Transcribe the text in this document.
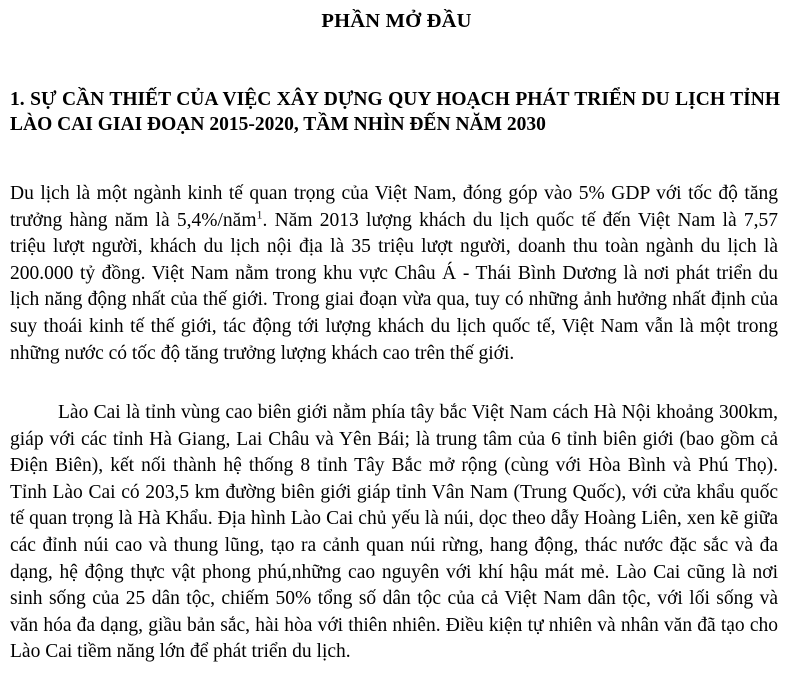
PHẦN MỞ ĐẦU
1. SỰ CẦN THIẾT CỦA VIỆC XÂY DỰNG QUY HOẠCH PHÁT TRIỂN DU LỊCH TỈNH LÀO CAI GIAI ĐOẠN 2015-2020, TẦM NHÌN ĐẾN NĂM 2030

Du lịch là một ngành kinh tế quan trọng của Việt Nam, đóng góp vào 5% GDP với tốc độ tăng trưởng hàng năm là 5,4%/năm$^1$. Năm 2013 lượng khách du lịch quốc tế đến Việt Nam là 7,57 triệu lượt người, khách du lịch nội địa là 35 triệu lượt người, doanh thu toàn ngành du lịch là 200.000 tỷ đồng. Việt Nam nằm trong khu vực Châu Á - Thái Bình Dương là nơi phát triển du lịch năng động nhất của thế giới. Trong giai đoạn vừa qua, tuy có những ảnh hưởng nhất định của suy thoái kinh tế thế giới, tác động tới lượng khách du lịch quốc tế, Việt Nam vẫn là một trong những nước có tốc độ tăng trưởng lượng khách cao trên thế giới.

Lào Cai là tỉnh vùng cao biên giới nằm phía tây bắc Việt Nam cách Hà Nội khoảng 300km, giáp với các tỉnh Hà Giang, Lai Châu và Yên Bái; là trung tâm của 6 tỉnh biên giới (bao gồm cả Điện Biên), kết nối thành hệ thống 8 tỉnh Tây Bắc mở rộng (cùng với Hòa Bình và Phú Thọ). Tỉnh Lào Cai có 203,5 km đường biên giới giáp tỉnh Vân Nam (Trung Quốc), với cửa khẩu quốc tế quan trọng là Hà Khẩu. Địa hình Lào Cai chủ yếu là núi, dọc theo dẫy Hoàng Liên, xen kẽ giữa các đỉnh núi cao và thung lũng, tạo ra cảnh quan núi rừng, hang động, thác nước đặc sắc và đa dạng, hệ động thực vật phong phú,những cao nguyên với khí hậu mát mẻ. Lào Cai cũng là nơi sinh sống của 25 dân tộc, chiếm 50% tổng số dân tộc của cả Việt Nam dân tộc, với lối sống và văn hóa đa dạng, giầu bản sắc, hài hòa với thiên nhiên. Điều kiện tự nhiên và nhân văn đã tạo cho Lào Cai tiềm năng lớn để phát triển du lịch.
